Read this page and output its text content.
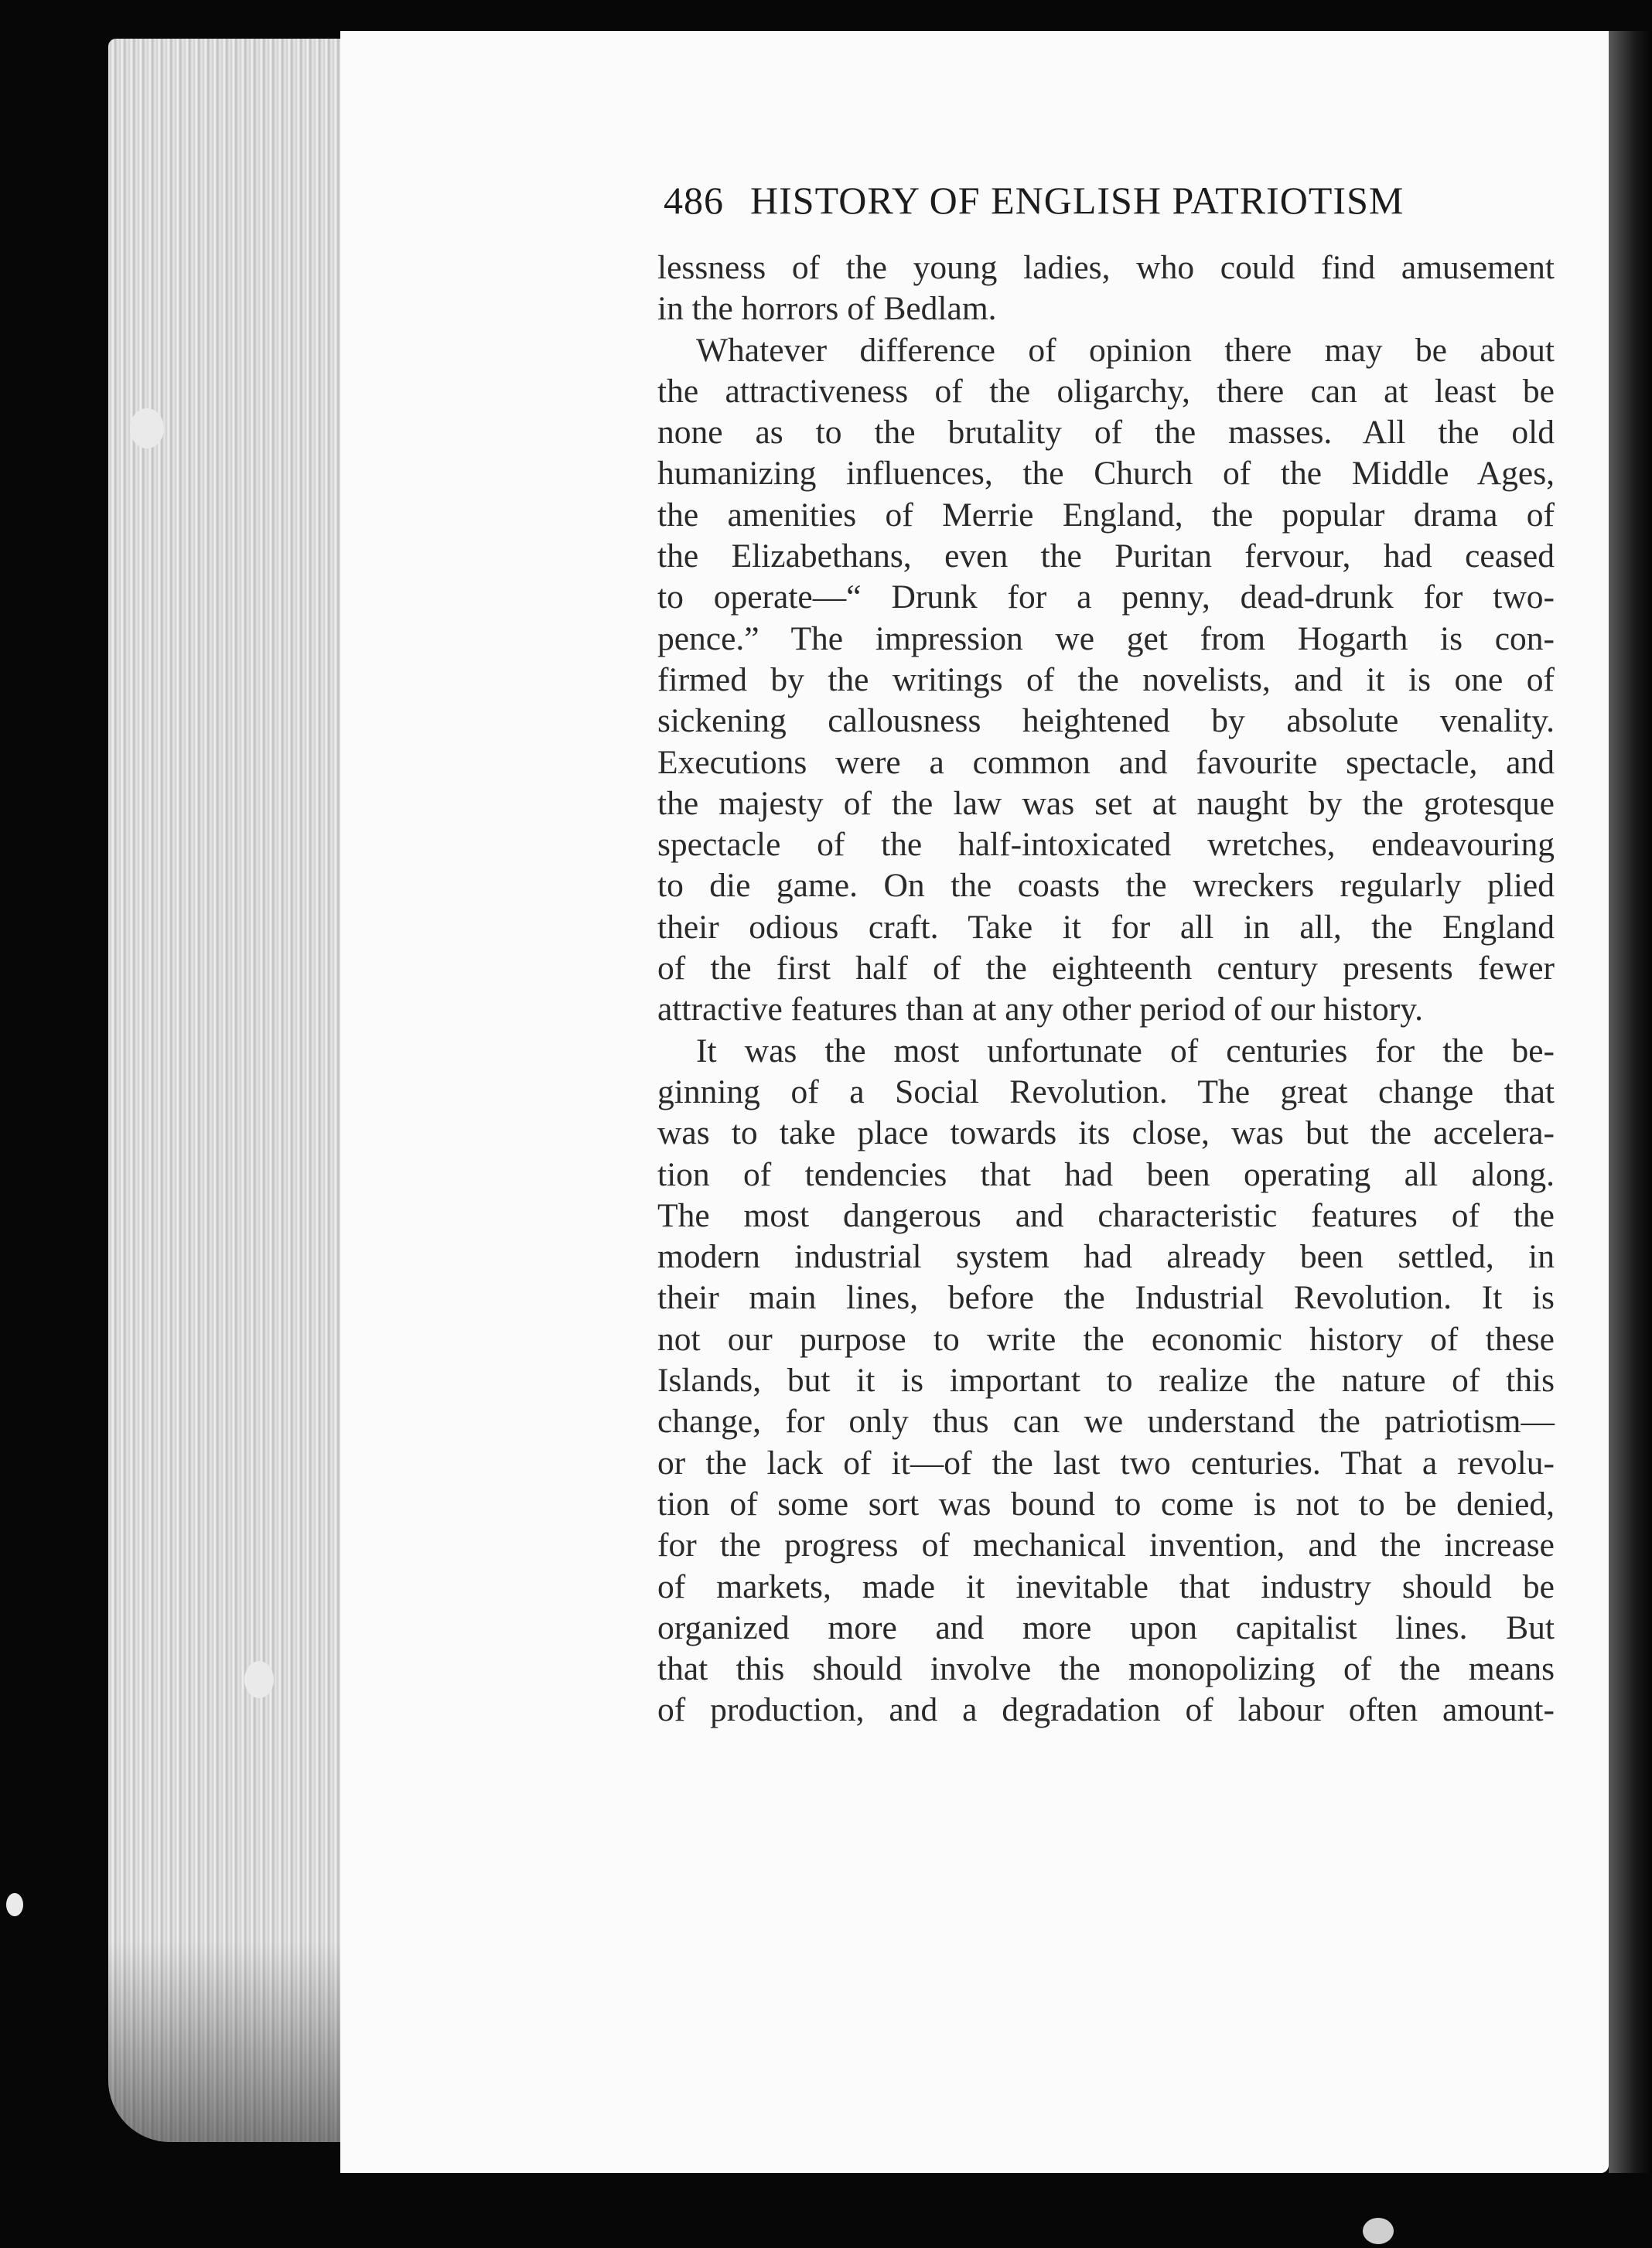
486 HISTORY OF ENGLISH PATRIOTISM
lessness of the young ladies, who could find amusement
in the horrors of Bedlam.
Whatever difference of opinion there may be about
the attractiveness of the oligarchy, there can at least be
none as to the brutality of the masses. All the old
humanizing influences, the Church of the Middle Ages,
the amenities of Merrie England, the popular drama of
the Elizabethans, even the Puritan fervour, had ceased
to operate—“ Drunk for a penny, dead-drunk for two-
pence.” The impression we get from Hogarth is con-
firmed by the writings of the novelists, and it is one of
sickening callousness heightened by absolute venality.
Executions were a common and favourite spectacle, and
the majesty of the law was set at naught by the grotesque
spectacle of the half-intoxicated wretches, endeavouring
to die game. On the coasts the wreckers regularly plied
their odious craft. Take it for all in all, the England
of the first half of the eighteenth century presents fewer
attractive features than at any other period of our history.
It was the most unfortunate of centuries for the be-
ginning of a Social Revolution. The great change that
was to take place towards its close, was but the accelera-
tion of tendencies that had been operating all along.
The most dangerous and characteristic features of the
modern industrial system had already been settled, in
their main lines, before the Industrial Revolution. It is
not our purpose to write the economic history of these
Islands, but it is important to realize the nature of this
change, for only thus can we understand the patriotism—
or the lack of it—of the last two centuries. That a revolu-
tion of some sort was bound to come is not to be denied,
for the progress of mechanical invention, and the increase
of markets, made it inevitable that industry should be
organized more and more upon capitalist lines. But
that this should involve the monopolizing of the means
of production, and a degradation of labour often amount-
